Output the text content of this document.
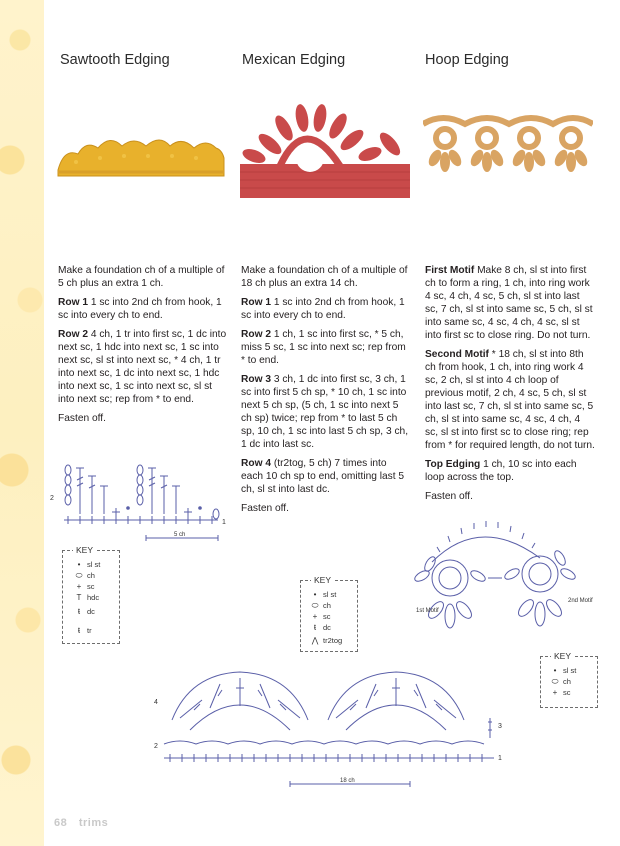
Sawtooth Edging	Mexican Edging	Hoop Edging

Make a foundation ch of a multiple of 5 ch plus an extra 1 ch.

Row 1 1 sc into 2nd ch from hook, 1 sc into every ch to end.

Row 2 4 ch, 1 tr into first sc, 1 dc into next sc, 1 hdc into next sc, 1 sc into next sc, sl st into next sc, * 4 ch, 1 tr into next sc, 1 dc into next sc, 1 hdc into next sc, 1 sc into next sc, sl st into next sc; rep from * to end.

Fasten off.

Make a foundation ch of a multiple of 18 ch plus an extra 14 ch.

Row 1 1 sc into 2nd ch from hook, 1 sc into every ch to end.

Row 2 1 ch, 1 sc into first sc, * 5 ch, miss 5 sc, 1 sc into next sc; rep from * to end.

Row 3 3 ch, 1 dc into first sc, 3 ch, 1 sc into first 5 ch sp, * 10 ch, 1 sc into next 5 ch sp, (5 ch, 1 sc into next 5 ch sp) twice; rep from * to last 5 ch sp, 10 ch, 1 sc into last 5 ch sp, 3 ch, 1 dc into last sc.

Row 4 (tr2tog, 5 ch) 7 times into each 10 ch sp to end, omitting last 5 ch, sl st into last dc.

Fasten off.

First Motif Make 8 ch, sl st into first ch to form a ring, 1 ch, into ring work 4 sc, 4 ch, 4 sc, 5 ch, sl st into last sc, 7 ch, sl st into same sc, 5 ch, sl st into same sc, 4 sc, 4 ch, 4 sc, sl st into first sc to close ring. Do not turn.

Second Motif * 18 ch, sl st into 8th ch from hook, 1 ch, into ring work 4 sc, 2 ch, sl st into 4 ch loop of previous motif, 2 ch, 4 sc, 5 ch, sl st into last sc, 7 ch, sl st into same sc, 5 ch, sl st into same sc, 4 sc, 4 ch, 4 sc, sl st into first sc to close ring; rep from * for required length, do not turn.

Top Edging 1 ch, 10 sc into each loop across the top.

Fasten off.

2
1
5 ch
KEY
• sl st
⬭ ch
+ sc
T hdc
ŧ dc
ŧ tr
KEY
• sl st
⬭ ch
+ sc
ŧ dc
⋀ tr2tog
1st Motif
2nd Motif
KEY
• sl st
⬭ ch
+ sc
4
3
2
1
18 ch
68 trims
